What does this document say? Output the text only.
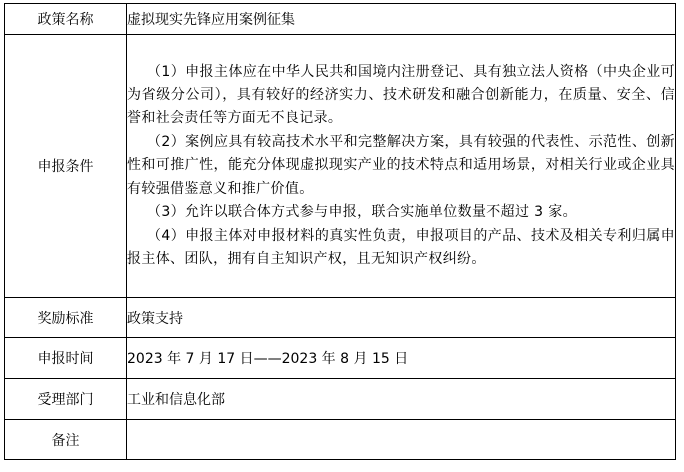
政策名称	虚拟现实先锋应用案例征集
申报条件	（1）申报主体应在中华人民共和国境内注册登记、具有独立法人资格（中央企业可为省级分公司），具有较好的经济实力、技术研发和融合创新能力，在质量、安全、信誉和社会责任等方面无不良记录。
（2）案例应具有较高技术水平和完整解决方案，具有较强的代表性、示范性、创新性和可推广性，能充分体现虚拟现实产业的技术特点和适用场景，对相关行业或企业具有较强借鉴意义和推广价值。
（3）允许以联合体方式参与申报，联合实施单位数量不超过 3 家。
（4）申报主体对申报材料的真实性负责，申报项目的产品、技术及相关专利归属申报主体、团队，拥有自主知识产权，且无知识产权纠纷。

奖励标准	政策支持
申报时间	2023 年 7 月 17 日——2023 年 8 月 15 日
受理部门	工业和信息化部
备注	
